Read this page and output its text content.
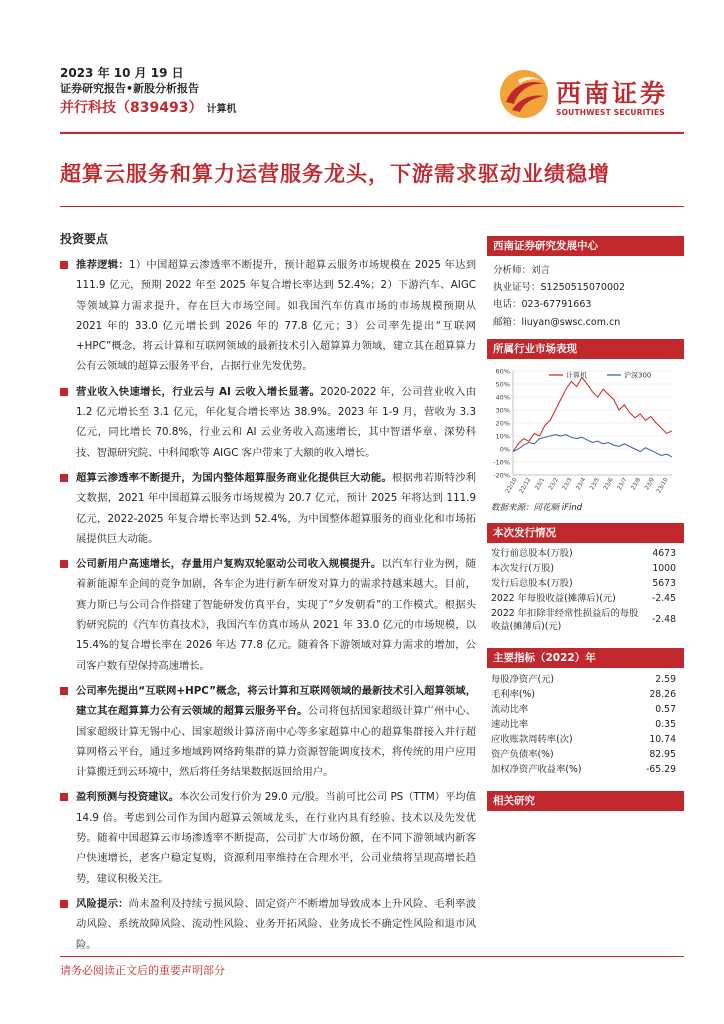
2023 年 10 月 19 日
证券研究报告•新股分析报告
并行科技（839493） 计算机
西南证券
SOUTHWEST SECURITIES
超算云服务和算力运营服务龙头，下游需求驱动业绩稳增
投资要点
推荐逻辑：1）中国超算云渗透率不断提升，预计超算云服务市场规模在 2025 年达到 111.9 亿元，预期 2022 年至 2025 年复合增长率达到 52.4%；2）下游汽车、AIGC 等领域算力需求提升，存在巨大市场空间。如我国汽车仿真市场的市场规模预期从 2021 年的 33.0 亿元增长到 2026 年的 77.8 亿元；3）公司率先提出“互联网+HPC”概念，将云计算和互联网领域的最新技术引入超算算力领域，建立其在超算算力公有云领域的超算云服务平台，占据行业先发优势。
营业收入快速增长，行业云与 AI 云收入增长显著。2020-2022 年，公司营业收入由 1.2 亿元增长至 3.1 亿元，年化复合增长率达 38.9%。2023 年 1-9 月，营收为 3.3 亿元，同比增长 70.8%，行业云和 AI 云业务收入高速增长，其中智谱华章、深势科技、智源研究院、中科闻歌等 AIGC 客户带来了大额的收入增长。
超算云渗透率不断提升，为国内整体超算服务商业化提供巨大动能。根据弗若斯特沙利文数据，2021 年中国超算云服务市场规模为 20.7 亿元，预计 2025 年将达到 111.9 亿元，2022-2025 年复合增长率达到 52.4%，为中国整体超算服务的商业化和市场拓展提供巨大动能。
公司新用户高速增长，存量用户复购双轮驱动公司收入规模提升。以汽车行业为例，随着新能源车企间的竞争加剧，各车企为进行新车研发对算力的需求持越来越大。目前，赛力斯已与公司合作搭建了智能研发仿真平台，实现了“夕发朝看”的工作模式。根据头豹研究院的《汽车仿真技术》，我国汽车仿真市场从 2021 年 33.0 亿元的市场规模，以 15.4%的复合增长率在 2026 年达 77.8 亿元。随着各下游领域对算力需求的增加，公司客户数有望保持高速增长。
公司率先提出“互联网+HPC”概念，将云计算和互联网领域的最新技术引入超算领域，建立其在超算算力公有云领域的超算云服务平台。公司将包括国家超级计算广州中心、国家超级计算无锡中心、国家超级计算济南中心等多家超算中心的超算集群接入并行超算网格云平台，通过多地域跨网络跨集群的算力资源智能调度技术，将传统的用户应用计算搬迁到云环境中，然后将任务结果数据返回给用户。
盈利预测与投资建议。本次公司发行价为 29.0 元/股。当前可比公司 PS（TTM）平均值 14.9 倍。考虑到公司作为国内超算云领域龙头，在行业内具有经验、技术以及先发优势。随着中国超算云市场渗透率不断提高，公司扩大市场份额，在不同下游领域内新客户快速增长，老客户稳定复购，资源利用率维持在合理水平，公司业绩将呈现高增长趋势，建议积极关注。
风险提示：尚未盈利及持续亏损风险、固定资产不断增加导致成本上升风险、毛利率波动风险、系统故障风险、流动性风险、业务开拓风险、业务成长不确定性风险和退市风险。
西南证券研究发展中心
分析师：刘言
执业证号：S1250515070002
电话：023-67791663
邮箱：liuyan@swsc.com.cn
所属行业市场表现
60%
50%
40%
30%
20%
10%
0%
-10%
-20%
22/10 22/12 23/1 23/2 23/3 23/4 23/5 23/6 23/7 23/8 23/9 23/10
计算机	沪深300
数据来源：同花顺 iFind
本次发行情况
发行前总股本(万股)	4673
本次发行(万股)	1000
发行后总股本(万股)	5673
2022 年每股收益(摊薄后)(元)	-2.45
2022 年扣除非经常性损益后的每股收益(摊薄后)(元)	-2.48
主要指标（2022）年
每股净资产(元)	2.59
毛利率(%)	28.26
流动比率	0.57
速动比率	0.35
应收账款周转率(次)	10.74
资产负债率(%)	82.95
加权净资产收益率(%)	-65.29
相关研究
请务必阅读正文后的重要声明部分
